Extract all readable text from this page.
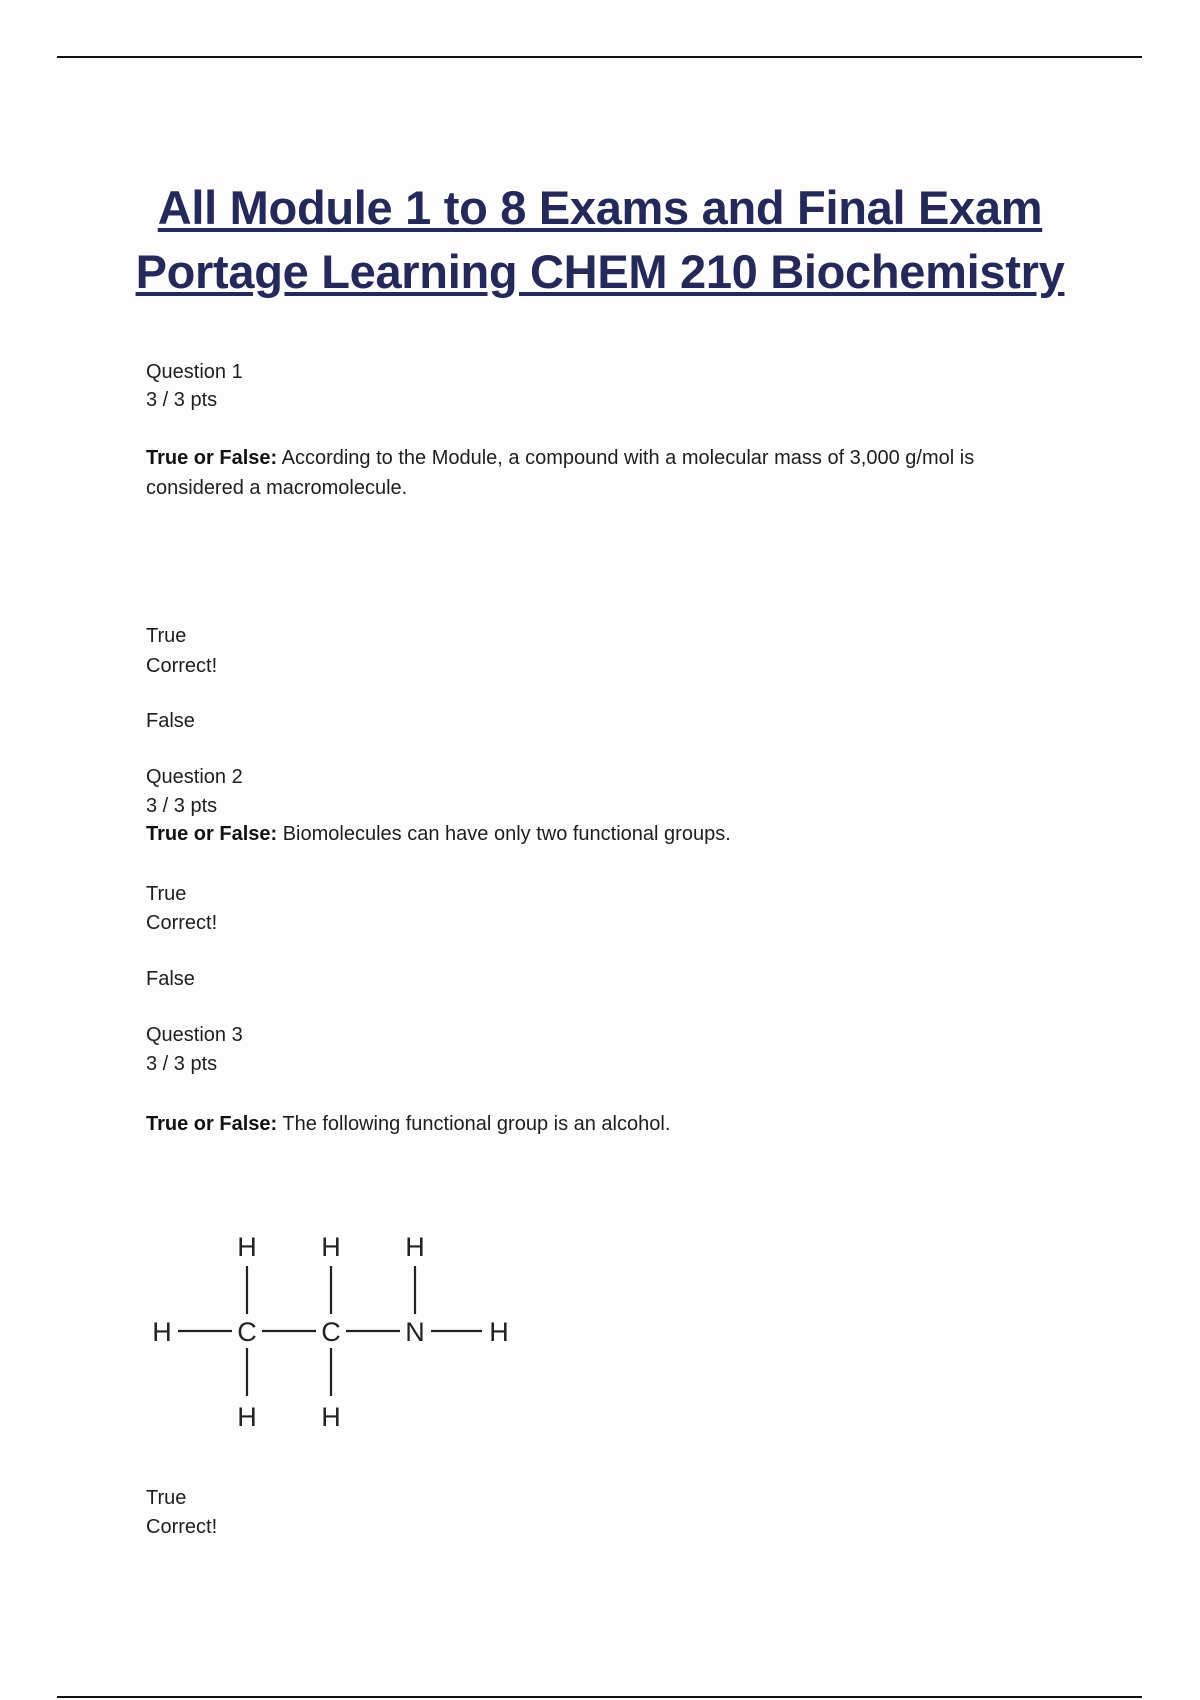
All Module 1 to 8 Exams and Final Exam
Portage Learning CHEM 210 Biochemistry
Question 1
3 / 3 pts
True or False: According to the Module, a compound with a molecular mass of 3,000 g/mol is
considered a macromolecule.
True
Correct!
False
Question 2
3 / 3 pts
True or False: Biomolecules can have only two functional groups.
True
Correct!
False
Question 3
3 / 3 pts
True or False: The following functional group is an alcohol.
H H H
H C C N H
H H
True
Correct!
